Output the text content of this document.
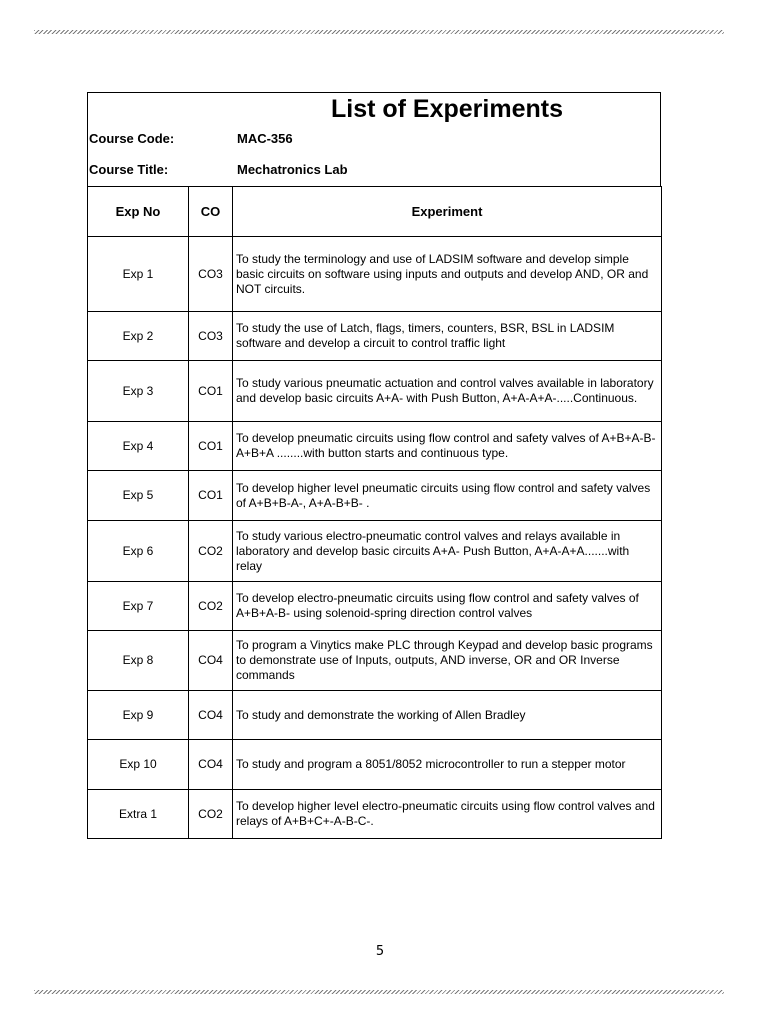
List of Experiments
Course Code:	MAC-356
Course Title:	Mechatronics Lab
Exp No	CO	Experiment
Exp 1	CO3	To study the terminology and use of LADSIM software and develop simple basic circuits on software using inputs and outputs and develop AND, OR and NOT circuits.
Exp 2	CO3	To study the use of Latch, flags, timers, counters, BSR, BSL in LADSIM software and develop a circuit to control traffic light
Exp 3	CO1	To study various pneumatic actuation and control valves available in laboratory and develop basic circuits A+A- with Push Button, A+A-A+A-.....Continuous.
Exp 4	CO1	To develop pneumatic circuits using flow control and safety valves of A+B+A-B-A+B+A ........with button starts and continuous type.
Exp 5	CO1	To develop higher level pneumatic circuits using flow control and safety valves of A+B+B-A-, A+A-B+B- .
Exp 6	CO2	To study various electro-pneumatic control valves and relays available in laboratory and develop basic circuits A+A- Push Button, A+A-A+A.......with relay
Exp 7	CO2	To develop electro-pneumatic circuits using flow control and safety valves of A+B+A-B- using solenoid-spring direction control valves
Exp 8	CO4	To program a Vinytics make PLC through Keypad and develop basic programs to demonstrate use of Inputs, outputs, AND inverse, OR and OR Inverse commands
Exp 9	CO4	To study and demonstrate the working of Allen Bradley
Exp 10	CO4	To study and program a 8051/8052 microcontroller to run a stepper motor
Extra 1	CO2	To develop higher level electro-pneumatic circuits using flow control valves and relays of A+B+C+-A-B-C-.
5
